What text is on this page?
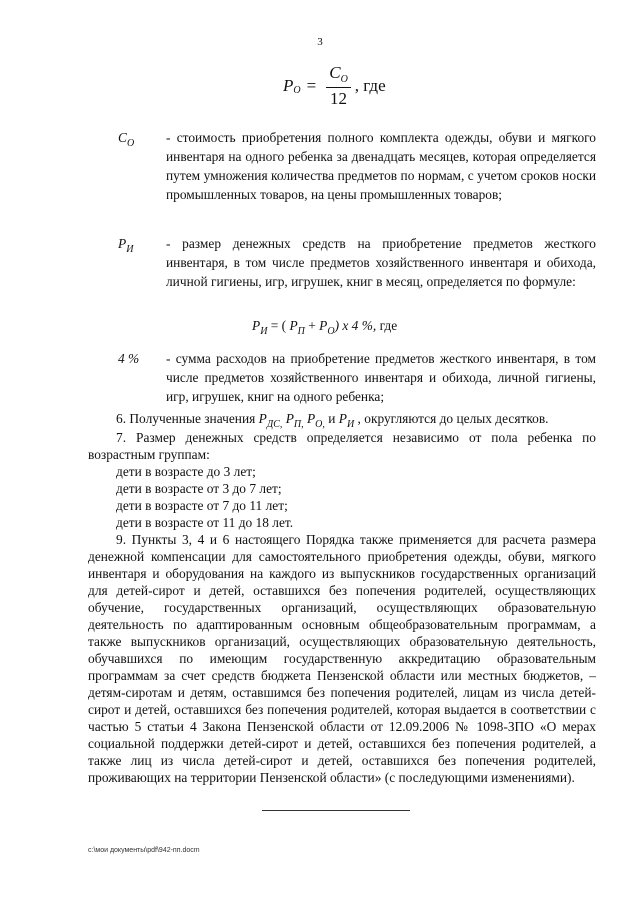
3
P $O = \frac{C_O}{12}$ , где
$C_O$ - стоимость приобретения полного комплекта одежды, обуви и мягкого инвентаря на одного ребенка за двенадцать месяцев, которая определяется путем умножения количества предметов по нормам, с учетом сроков носки промышленных товаров, на цены промышленных товаров;
$P_И$ - размер денежных средств на приобретение предметов жесткого инвентаря, в том числе предметов хозяйственного инвентаря и обихода, личной гигиены, игр, игрушек, книг в месяц, определяется по формуле:
$P_И$ = ( $P_П + P_O$) x 4 %, где
4 % - сумма расходов на приобретение предметов жесткого инвентаря, в том числе предметов хозяйственного инвентаря и обихода, личной гигиены, игр, игрушек, книг на одного ребенка;

6. Полученные значения $P_{ДС,}$ $P_{П,}$ $P_{O,}$ и $P_И$ , округляются до целых десятков.

7. Размер денежных средств определяется независимо от пола ребенка по возрастным группам:

дети в возрасте до 3 лет;

дети в возрасте от 3 до 7 лет;

дети в возрасте от 7 до 11 лет;

дети в возрасте от 11 до 18 лет.

9. Пункты 3, 4 и 6 настоящего Порядка также применяется для расчета размера денежной компенсации для самостоятельного приобретения одежды, обуви, мягкого инвентаря и оборудования на каждого из выпускников государственных организаций для детей-сирот и детей, оставшихся без попечения родителей, осуществляющих обучение, государственных организаций, осуществляющих образовательную деятельность по адаптированным основным общеобразовательным программам, а также выпускников организаций, осуществляющих образовательную деятельность, обучавшихся по имеющим государственную аккредитацию образовательным программам за счет средств бюджета Пензенской области или местных бюджетов, – детям-сиротам и детям, оставшимся без попечения родителей, лицам из числа детей-сирот и детей, оставшихся без попечения родителей, которая выдается в соответствии с частью 5 статьи 4 Закона Пензенской области от 12.09.2006 № 1098-ЗПО «О мерах социальной поддержки детей-сирот и детей, оставшихся без попечения родителей, а также лиц из числа детей-сирот и детей, оставшихся без попечения родителей, проживающих на территории Пензенской области» (с последующими изменениями).

c:\мои документы\pdf\942-пп.docm
